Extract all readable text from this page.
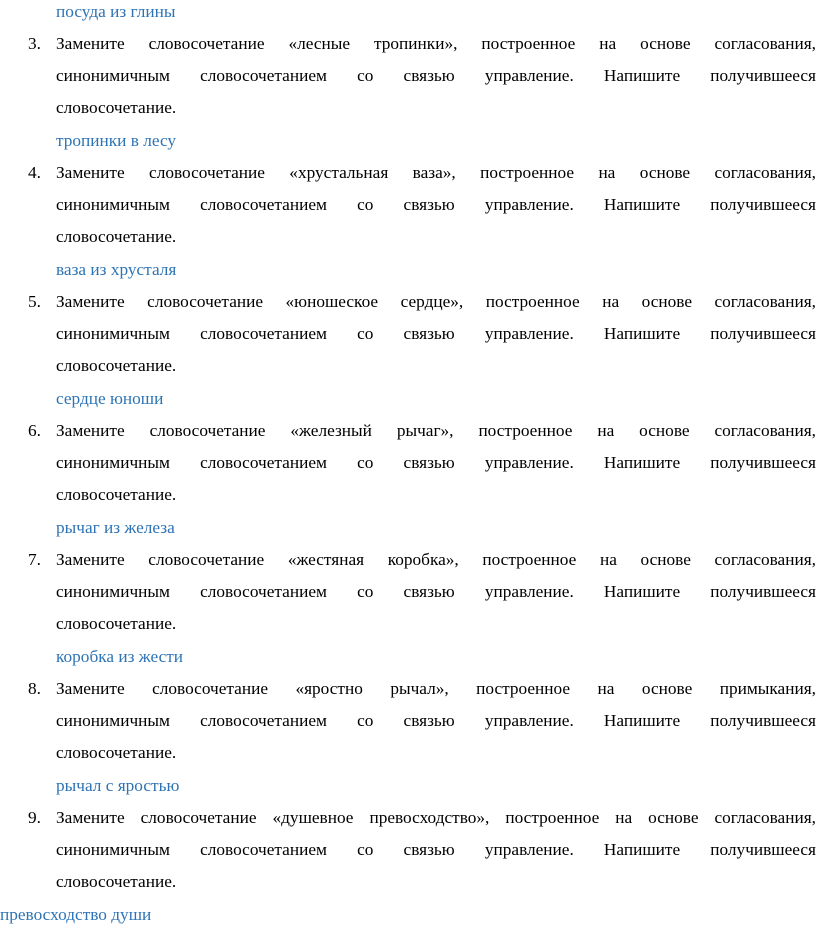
посуда из глины
3. Замените словосочетание «лесные тропинки», построенное на основе согласования,
синонимичным словосочетанием со связью управление. Напишите получившееся
словосочетание.
тропинки в лесу
4. Замените словосочетание «хрустальная ваза», построенное на основе согласования,
синонимичным словосочетанием со связью управление. Напишите получившееся
словосочетание.
ваза из хрусталя
5. Замените словосочетание «юношеское сердце», построенное на основе согласования,
синонимичным словосочетанием со связью управление. Напишите получившееся
словосочетание.
сердце юноши
6. Замените словосочетание «железный рычаг», построенное на основе согласования,
синонимичным словосочетанием со связью управление. Напишите получившееся
словосочетание.
рычаг из железа
7. Замените словосочетание «жестяная коробка», построенное на основе согласования,
синонимичным словосочетанием со связью управление. Напишите получившееся
словосочетание.
коробка из жести
8. Замените словосочетание «яростно рычал», построенное на основе примыкания,
синонимичным словосочетанием со связью управление. Напишите получившееся
словосочетание.
рычал с яростью
9. Замените словосочетание «душевное превосходство», построенное на основе согласования,
синонимичным словосочетанием со связью управление. Напишите получившееся
словосочетание.
превосходство души
